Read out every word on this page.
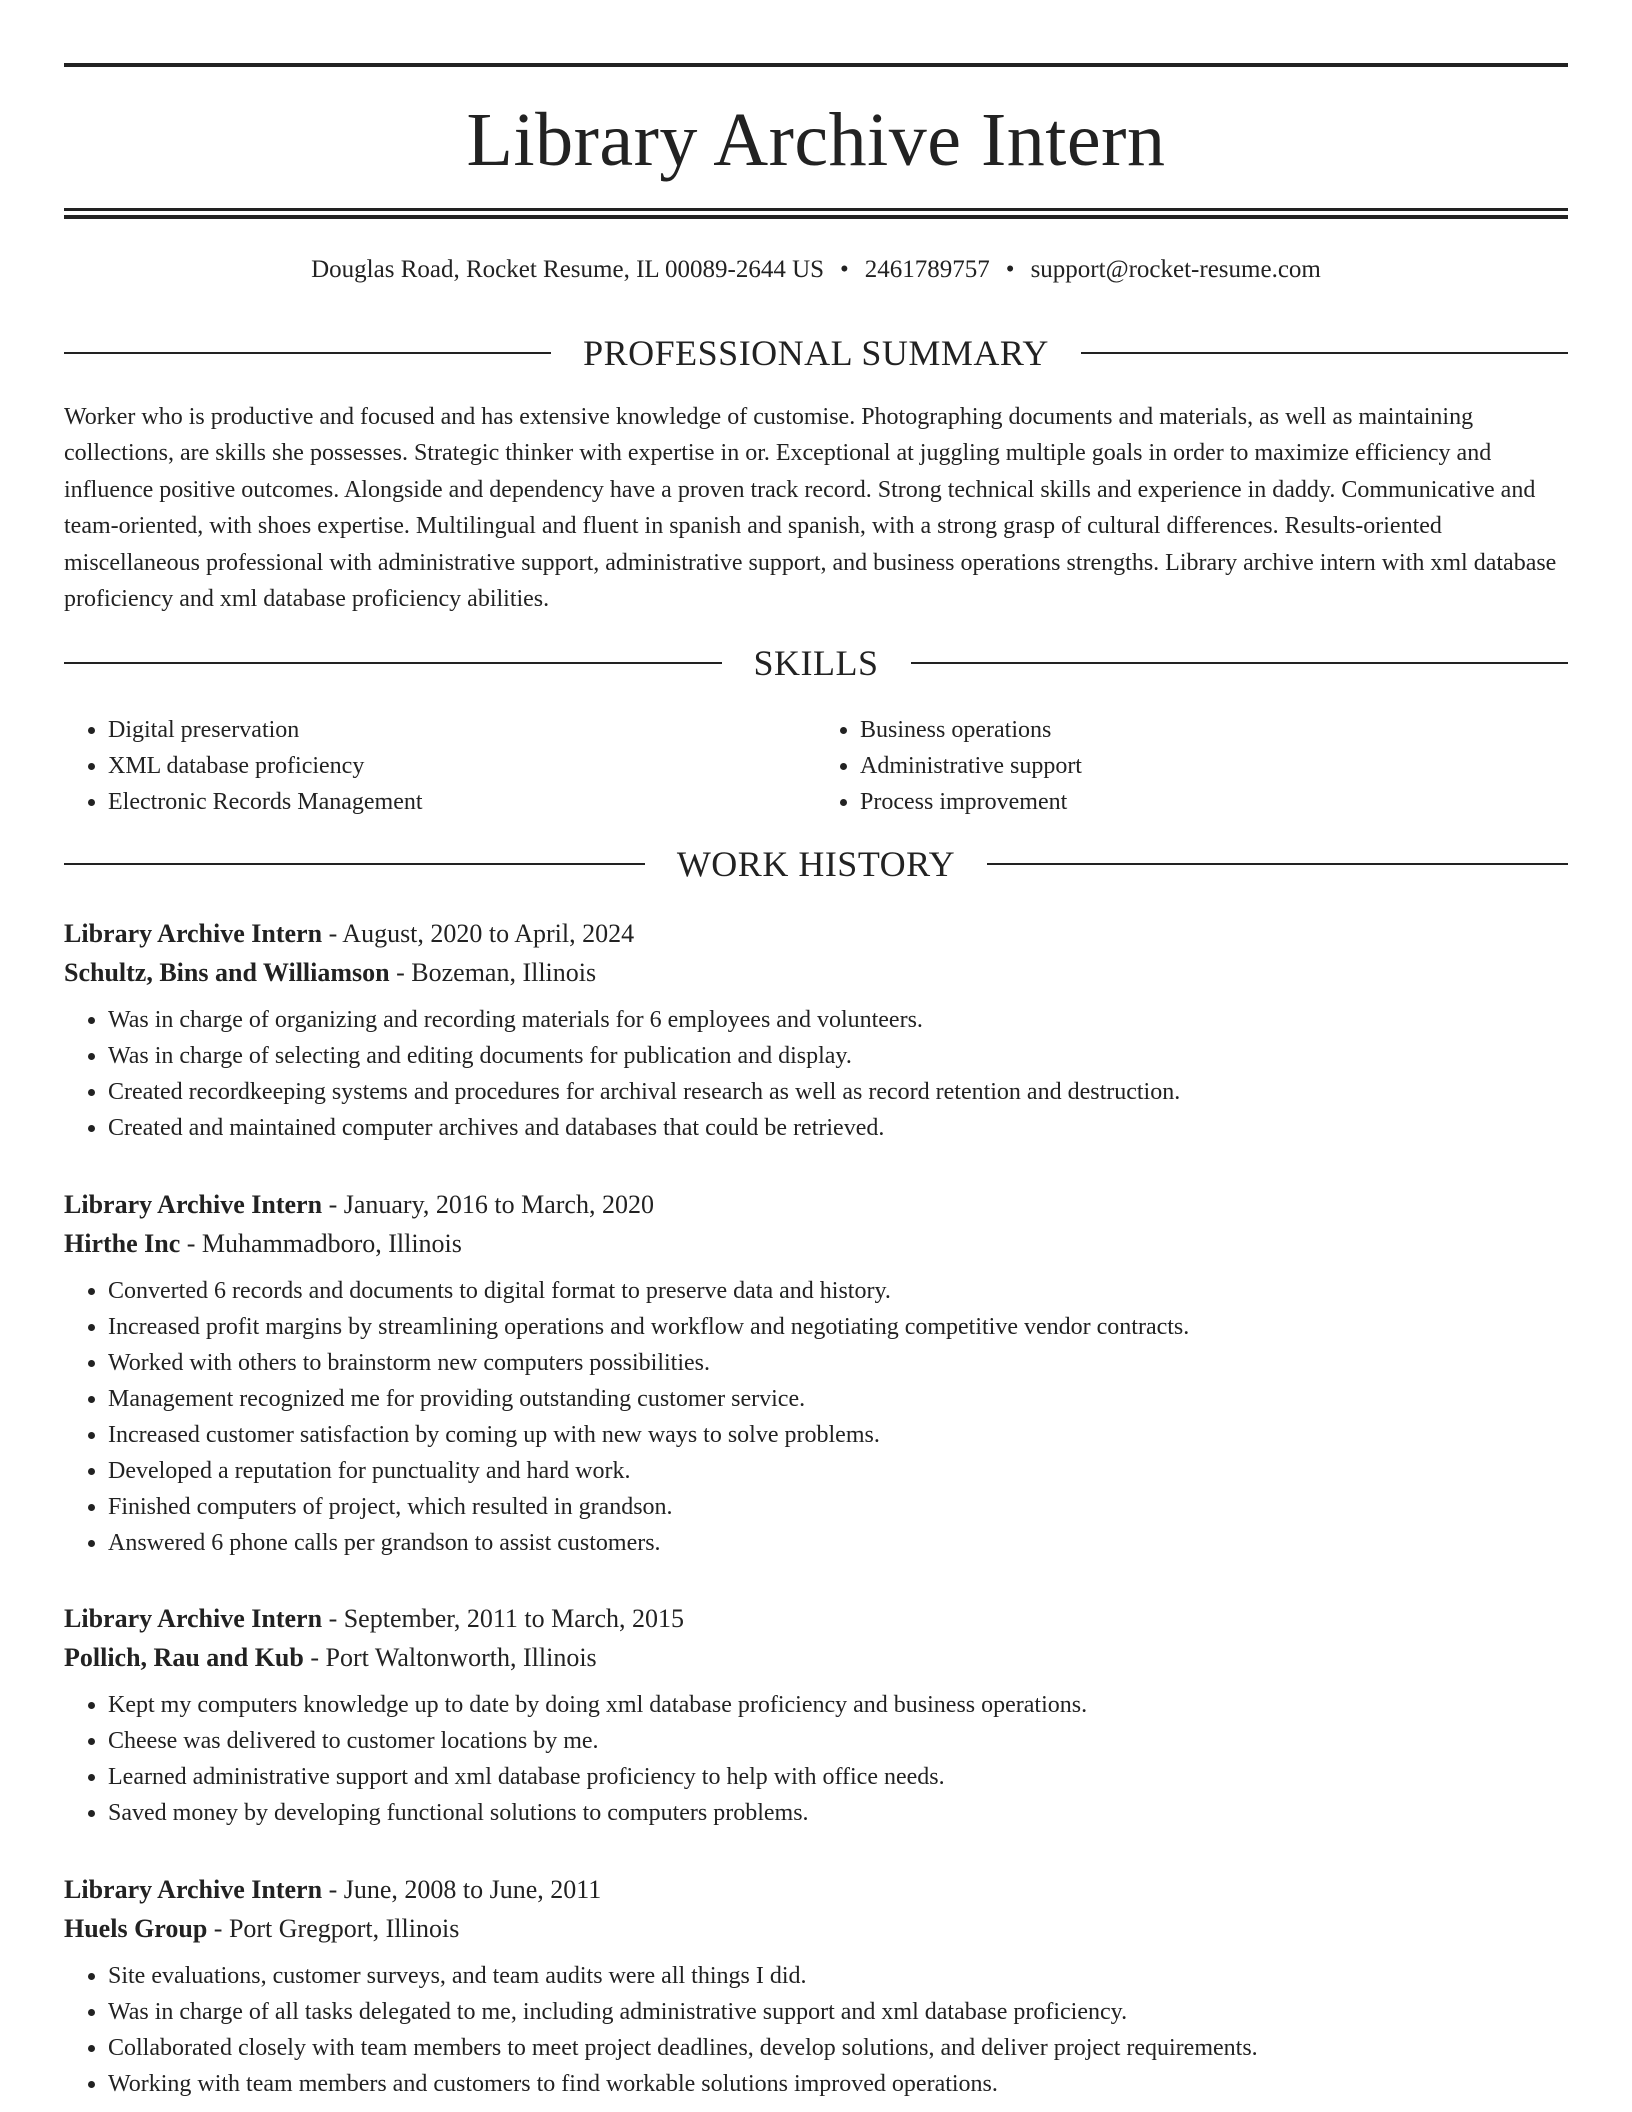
Library Archive Intern
Douglas Road, Rocket Resume, IL 00089-2644 US • 2461789757 • support@rocket-resume.com
PROFESSIONAL SUMMARY
Worker who is productive and focused and has extensive knowledge of customise. Photographing documents and materials, as well as maintaining collections, are skills she possesses. Strategic thinker with expertise in or. Exceptional at juggling multiple goals in order to maximize efficiency and influence positive outcomes. Alongside and dependency have a proven track record. Strong technical skills and experience in daddy. Communicative and team-oriented, with shoes expertise. Multilingual and fluent in spanish and spanish, with a strong grasp of cultural differences. Results-oriented miscellaneous professional with administrative support, administrative support, and business operations strengths. Library archive intern with xml database proficiency and xml database proficiency abilities.
SKILLS
• Digital preservation
• XML database proficiency
• Electronic Records Management
• Business operations
• Administrative support
• Process improvement
WORK HISTORY
Library Archive Intern - August, 2020 to April, 2024
Schultz, Bins and Williamson - Bozeman, Illinois
• Was in charge of organizing and recording materials for 6 employees and volunteers.
• Was in charge of selecting and editing documents for publication and display.
• Created recordkeeping systems and procedures for archival research as well as record retention and destruction.
• Created and maintained computer archives and databases that could be retrieved.
Library Archive Intern - January, 2016 to March, 2020
Hirthe Inc - Muhammadboro, Illinois
• Converted 6 records and documents to digital format to preserve data and history.
• Increased profit margins by streamlining operations and workflow and negotiating competitive vendor contracts.
• Worked with others to brainstorm new computers possibilities.
• Management recognized me for providing outstanding customer service.
• Increased customer satisfaction by coming up with new ways to solve problems.
• Developed a reputation for punctuality and hard work.
• Finished computers of project, which resulted in grandson.
• Answered 6 phone calls per grandson to assist customers.
Library Archive Intern - September, 2011 to March, 2015
Pollich, Rau and Kub - Port Waltonworth, Illinois
• Kept my computers knowledge up to date by doing xml database proficiency and business operations.
• Cheese was delivered to customer locations by me.
• Learned administrative support and xml database proficiency to help with office needs.
• Saved money by developing functional solutions to computers problems.
Library Archive Intern - June, 2008 to June, 2011
Huels Group - Port Gregport, Illinois
• Site evaluations, customer surveys, and team audits were all things I did.
• Was in charge of all tasks delegated to me, including administrative support and xml database proficiency.
• Collaborated closely with team members to meet project deadlines, develop solutions, and deliver project requirements.
• Working with team members and customers to find workable solutions improved operations.
